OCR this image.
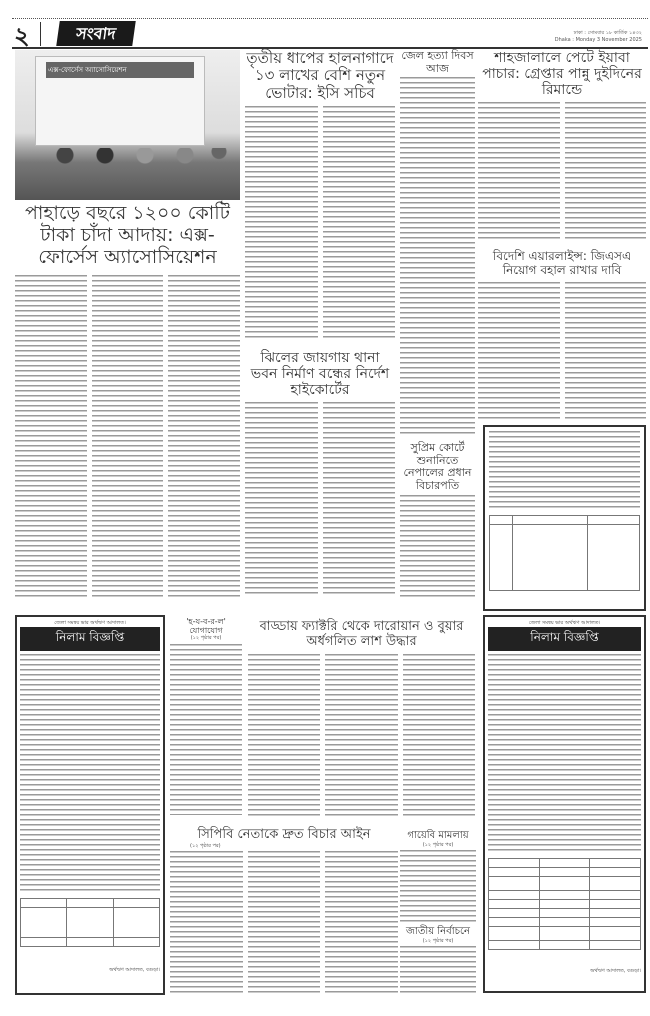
২	সংবাদ	ঢাকা : সোমবার ১৮ কার্তিক ১৪৩২
Dhaka : Monday 3 November 2025
এক্স-ফোর্সেস অ্যাসোসিয়েশন
পাহাড়ে বছরে ১২০০ কোটি টাকা চাঁদা আদায়: এক্স-ফোর্সেস অ্যাসোসিয়েশন
তৃতীয় ধাপের হালনাগাদে ১৩ লাখের বেশি নতুন ভোটার: ইসি সচিব
জেল হত্যা দিবস আজ
শাহজালালে পেটে ইয়াবা পাচার: গ্রেপ্তার পান্নু দুইদিনের রিমান্ডে
বিদেশি এয়ারলাইন্স: জিএসএ নিয়োগ বহাল রাখার দাবি
ঝিলের জায়গায় থানা ভবন নির্মাণ বন্ধের নির্দেশ হাইকোর্টের
সুপ্রিম কোর্টে শুনানিতে নেপালের প্রধান বিচারপতি

জেলা সমন্বয় ভার অর্থঋণ আদালত।
নিলাম বিজ্ঞপ্তি

অর্থঋণ আদালত, বগুড়া।
'হ-য-ব-র-ল' যোগাযোগ
(১২ পৃষ্ঠার পর)
বাড্ডায় ফ্যাক্টরি থেকে দারোয়ান ও বুয়ার অর্ধগলিত লাশ উদ্ধার
সিপিবি নেতাকে দ্রুত বিচার আইন
(১২ পৃষ্ঠার পর)
গায়েবি মামলায়
(১২ পৃষ্ঠার পর)
জাতীয় নির্বাচনে
(১২ পৃষ্ঠার পর)
জেলা সমন্বয় ভার অর্থঋণ আদালত।
নিলাম বিজ্ঞপ্তি

অর্থঋণ আদালত, বগুড়া।
